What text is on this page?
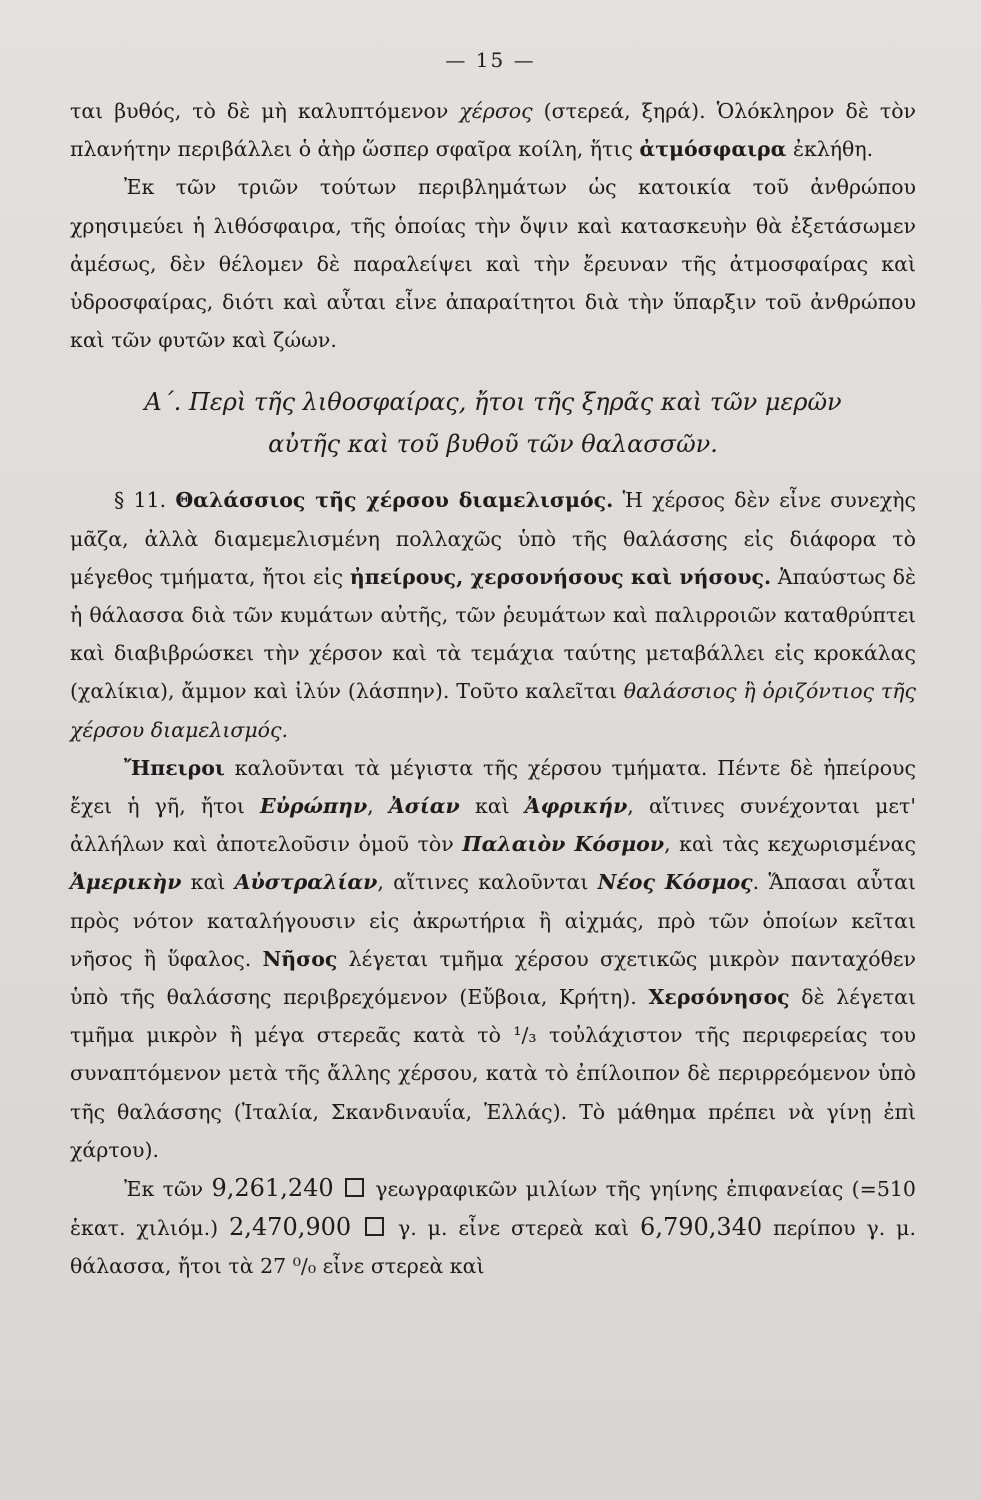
— 15 —

ται βυθός, τὸ δὲ μὴ καλυπτόμενον χέρσος (στερεά, ξηρά). Ὁλόκληρον δὲ τὸν πλανήτην περιβάλλει ὁ ἀὴρ ὥσπερ σφαῖρα κοίλη, ἥτις ἀτμόσφαιρα ἐκλήθη.

Ἐκ τῶν τριῶν τούτων περιβλημάτων ὡς κατοικία τοῦ ἀνθρώπου χρησιμεύει ἡ λιθόσφαιρα, τῆς ὁποίας τὴν ὄψιν καὶ κατασκευὴν θὰ ἐξετάσωμεν ἀμέσως, δὲν θέλομεν δὲ παραλείψει καὶ τὴν ἔρευναν τῆς ἀτμοσφαίρας καὶ ὑδροσφαίρας, διότι καὶ αὗται εἶνε ἀπαραίτητοι διὰ τὴν ὕπαρξιν τοῦ ἀνθρώπου καὶ τῶν φυτῶν καὶ ζώων.

Α΄. Περὶ τῆς λιθοσφαίρας, ἤτοι τῆς ξηρᾶς καὶ τῶν μερῶν
αὐτῆς καὶ τοῦ βυθοῦ τῶν θαλασσῶν.

§ 11. Θαλάσσιος τῆς χέρσου διαμελισμός. Ἡ χέρσος δὲν εἶνε συνεχὴς μᾶζα, ἀλλὰ διαμεμελισμένη πολλαχῶς ὑπὸ τῆς θαλάσσης εἰς διάφορα τὸ μέγεθος τμήματα, ἤτοι εἰς ἠπείρους, χερσονήσους καὶ νήσους. Ἀπαύστως δὲ ἡ θάλασσα διὰ τῶν κυμάτων αὐτῆς, τῶν ῥευμάτων καὶ παλιρροιῶν καταθρύπτει καὶ διαβιβρώσκει τὴν χέρσον καὶ τὰ τεμάχια ταύτης μεταβάλλει εἰς κροκάλας (χαλίκια), ἄμμον καὶ ἰλύν (λάσπην). Τοῦτο καλεῖται θαλάσσιος ἢ ὁριζόντιος τῆς χέρσου διαμελισμός.

Ἤπειροι καλοῦνται τὰ μέγιστα τῆς χέρσου τμήματα. Πέντε δὲ ἠπείρους ἔχει ἡ γῆ, ἤτοι Εὐρώπην, Ἀσίαν καὶ Ἀφρικήν, αἵτινες συνέχονται μετ' ἀλλήλων καὶ ἀποτελοῦσιν ὁμοῦ τὸν Παλαιὸν Κόσμον, καὶ τὰς κεχωρισμένας Ἀμερικὴν καὶ Αὐστραλίαν, αἵτινες καλοῦνται Νέος Κόσμος. Ἅπασαι αὗται πρὸς νότον καταλήγουσιν εἰς ἀκρωτήρια ἢ αἰχμάς, πρὸ τῶν ὁποίων κεῖται νῆσος ἢ ὕφαλος. Νῆσος λέγεται τμῆμα χέρσου σχετικῶς μικρὸν πανταχόθεν ὑπὸ τῆς θαλάσσης περιβρεχόμενον (Εὔβοια, Κρήτη). Χερσόνησος δὲ λέγεται τμῆμα μικρὸν ἢ μέγα στερεᾶς κατὰ τὸ ¹/₃ τοὐλάχιστον τῆς περιφερείας του συναπτόμενον μετὰ τῆς ἄλλης χέρσου, κατὰ τὸ ἐπίλοιπον δὲ περιρρεόμενον ὑπὸ τῆς θαλάσσης (Ἰταλία, Σκανδιναυΐα, Ἑλλάς). Τὸ μάθημα πρέπει νὰ γίνῃ ἐπὶ χάρτου).

Ἐκ τῶν 9,261,240  γεωγραφικῶν μιλίων τῆς γηίνης ἐπιφανείας (=510 ἑκατ. χιλιόμ.) 2,470,900  γ. μ. εἶνε στερεὰ καὶ 6,790,340 περίπου γ. μ. θάλασσα, ἤτοι τὰ 27 ⁰/₀ εἶνε στερεὰ καὶ
